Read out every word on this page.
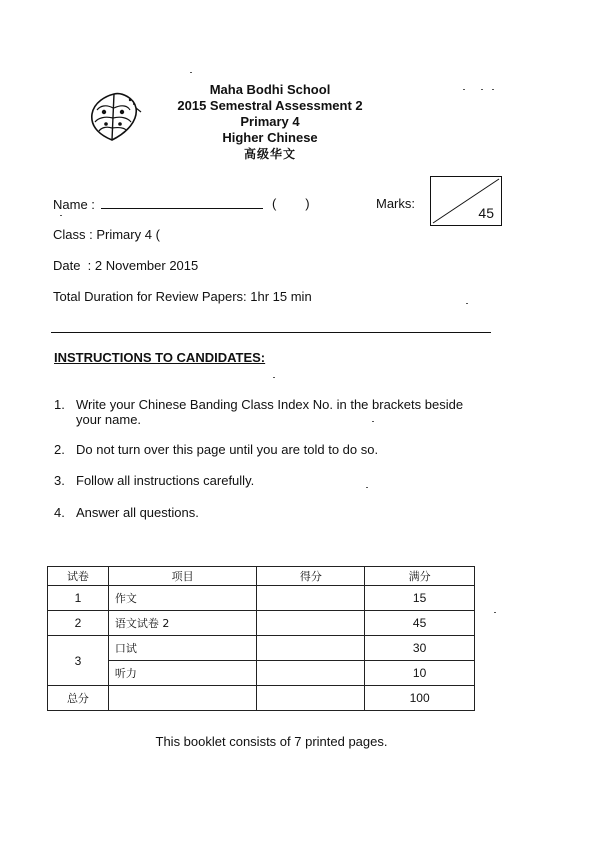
Maha Bodhi School
2015 Semestral Assessment 2
Primary 4
Higher Chinese
高级华文
Name :	(        )	Marks:
45
Class : Primary 4 (
Date  : 2 November 2015
Total Duration for Review Papers: 1hr 15 min
INSTRUCTIONS TO CANDIDATES:
1. Write your Chinese Banding Class Index No. in the brackets beside your name.
2. Do not turn over this page until you are told to do so.
3. Follow all instructions carefully.
4. Answer all questions.
试卷	项目	得分	满分
1	作文		15
2	语文试卷 2		45
3	口试		30
	听力		10
总分			100
This booklet consists of 7 printed pages.
